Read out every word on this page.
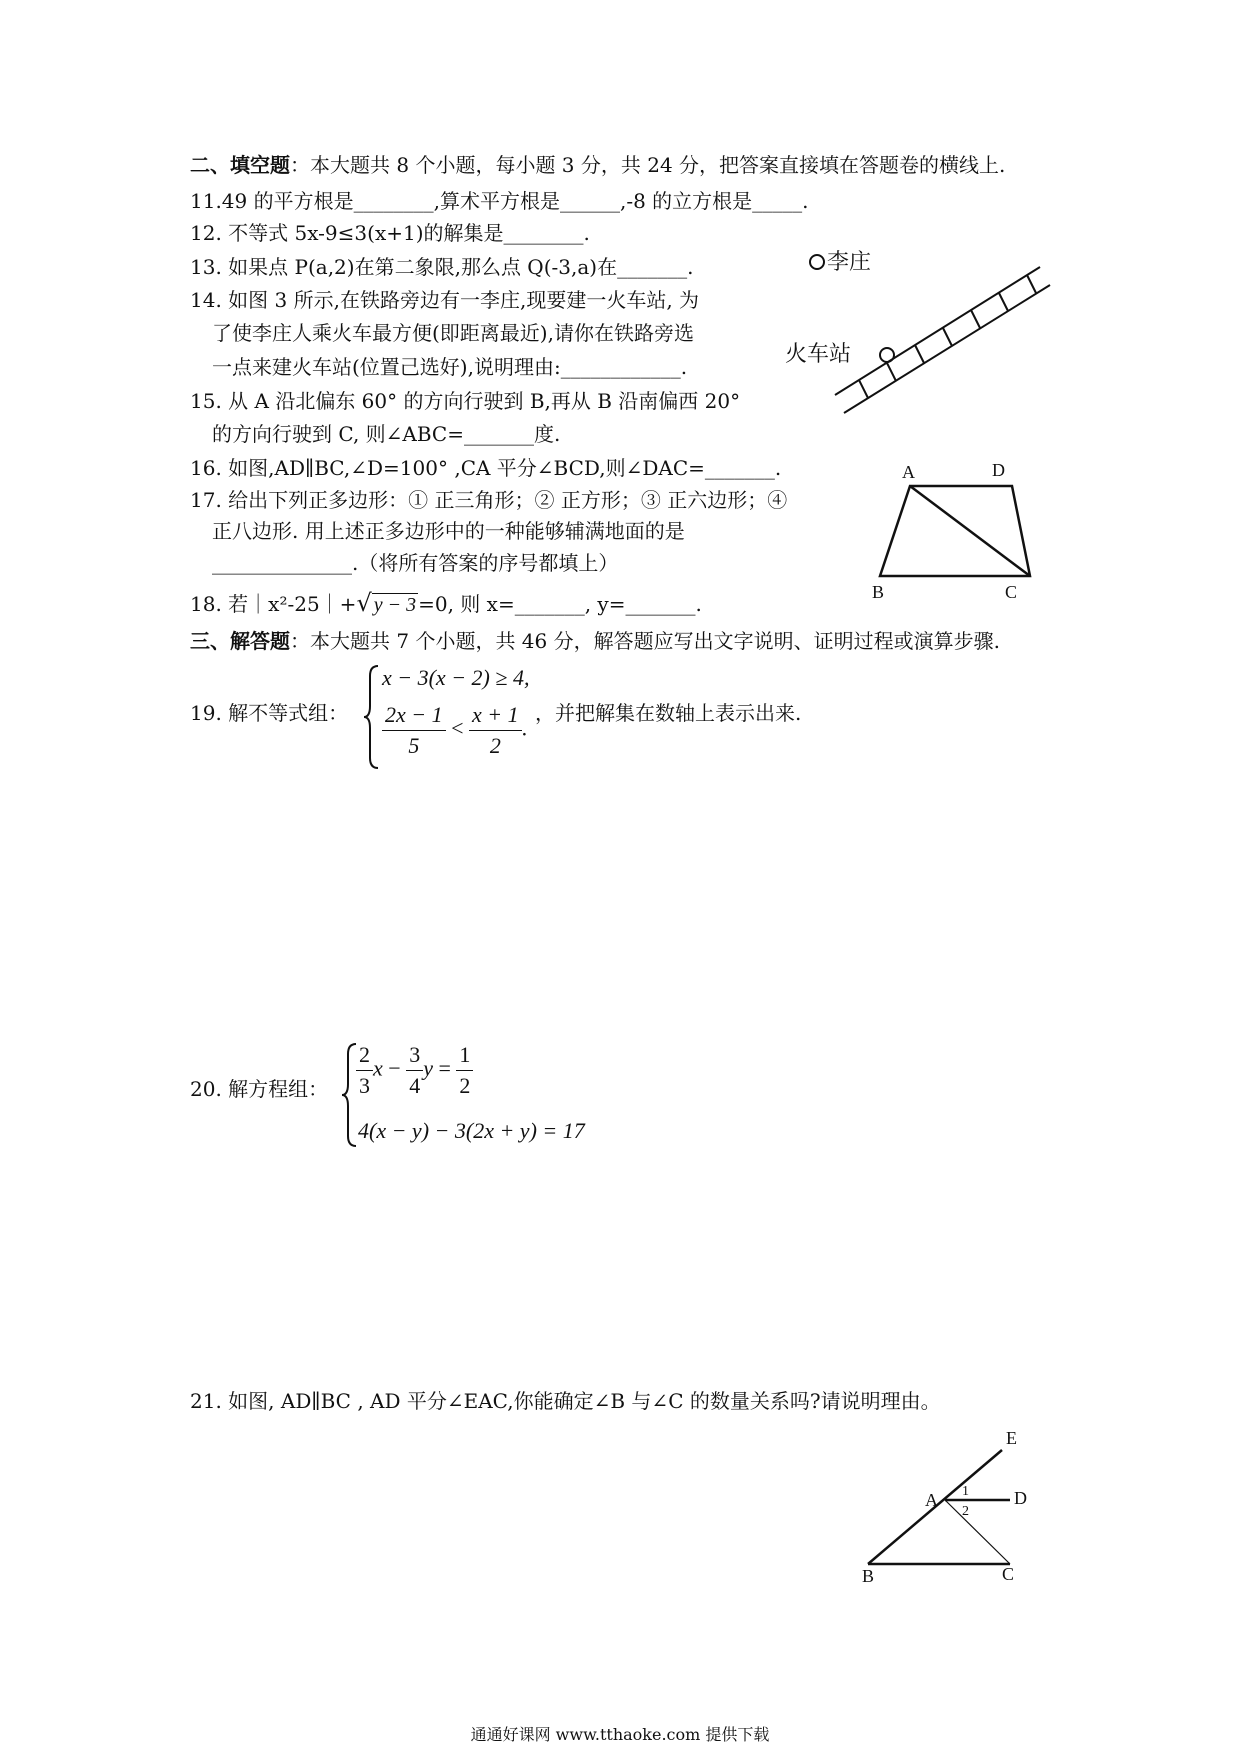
二、填空题：本大题共 8 个小题，每小题 3 分，共 24 分，把答案直接填在答题卷的横线上.
11.49 的平方根是________,算术平方根是______,-8 的立方根是_____.
12. 不等式 5x-9≤3(x+1)的解集是________.
13. 如果点 P(a,2)在第二象限,那么点 Q(-3,a)在_______.
14. 如图 3 所示,在铁路旁边有一李庄,现要建一火车站, 为
了使李庄人乘火车最方便(即距离最近),请你在铁路旁选
一点来建火车站(位置己选好),说明理由:____________.
15. 从 A 沿北偏东 60° 的方向行驶到 B,再从 B 沿南偏西 20°
的方向行驶到 C, 则∠ABC=_______度.
16. 如图,AD∥BC,∠D=100° ,CA 平分∠BCD,则∠DAC=_______.
17. 给出下列正多边形：① 正三角形；② 正方形；③ 正六边形；④
正八边形. 用上述正多边形中的一种能够辅满地面的是
______________.（将所有答案的序号都填上）
18. 若｜x²-25｜+√ y − 3 =0, 则 x=_______, y=_______.
李庄
火车站
A	D
B	C
三、解答题：本大题共 7 个小题，共 46 分，解答题应写出文字说明、证明过程或演算步骤.
19. 解不等式组：
x − 3(x − 2) ≥ 4,
$\frac{2x - 1}{5} < \frac{x + 1}{2}$ .
，并把解集在数轴上表示出来.
20. 解方程组： $\frac{2}{3}$ $x - \frac{3}{4}$ $y = \frac{1}{2}$
4(x − y) − 3(2x + y) = 17
21. 如图, AD∥BC , AD 平分∠EAC,你能确定∠B 与∠C 的数量关系吗?请说明理由。
E
A	D
B	C
1
2
通通好课网 www.tthaoke.com 提供下载
